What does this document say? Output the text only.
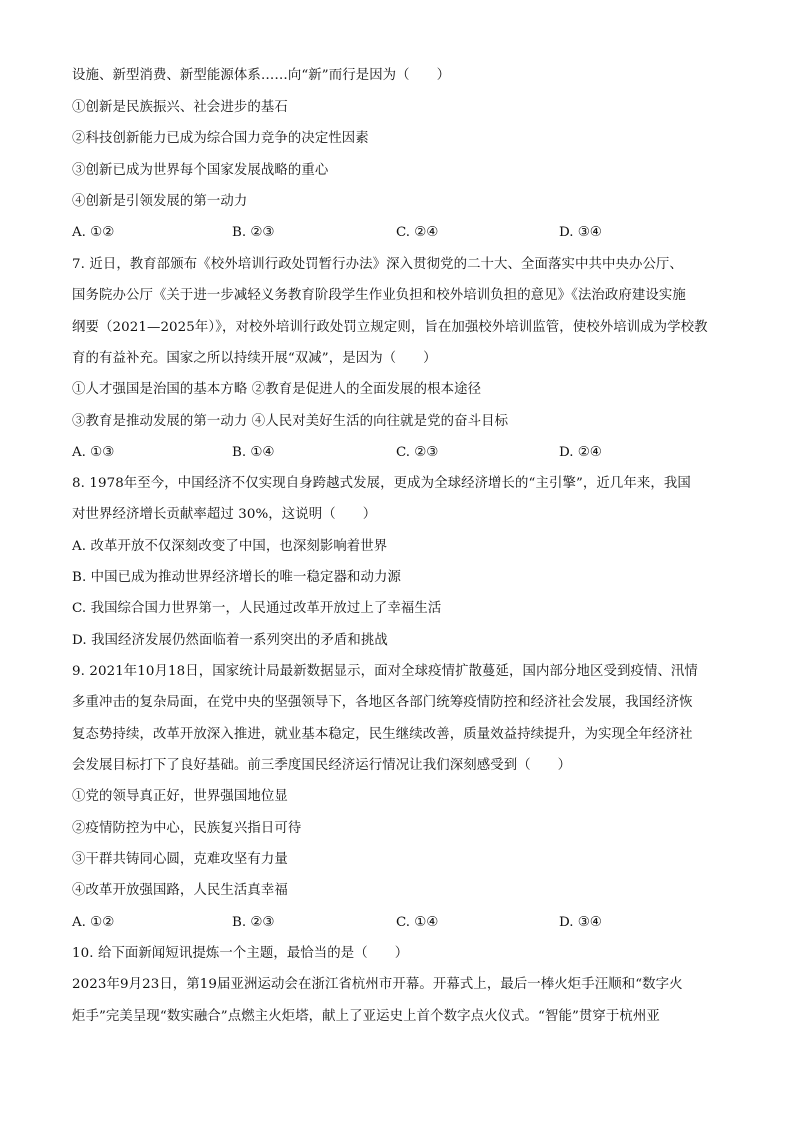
设施、新型消费、新型能源体系……向“新”而行是因为（　　）
①创新是民族振兴、社会进步的基石
②科技创新能力已成为综合国力竞争的决定性因素
③创新已成为世界每个国家发展战略的重心
④创新是引领发展的第一动力
A. ①②	B. ②③	C. ②④	D. ③④
7. 近日，教育部颁布《校外培训行政处罚暂行办法》深入贯彻党的二十大、全面落实中共中央办公厅、
国务院办公厅《关于进一步减轻义务教育阶段学生作业负担和校外培训负担的意见》《法治政府建设实施
纲要（2021—2025年）》，对校外培训行政处罚立规定则，旨在加强校外培训监管，使校外培训成为学校教
育的有益补充。国家之所以持续开展“双减”，是因为（　　）
①人才强国是治国的基本方略 ②教育是促进人的全面发展的根本途径
③教育是推动发展的第一动力 ④人民对美好生活的向往就是党的奋斗目标
A. ①③	B. ①④	C. ②③	D. ②④
8. 1978年至今，中国经济不仅实现自身跨越式发展，更成为全球经济增长的“主引擎”，近几年来，我国
对世界经济增长贡献率超过 30%，这说明（　　）
A. 改革开放不仅深刻改变了中国，也深刻影响着世界
B. 中国已成为推动世界经济增长的唯一稳定器和动力源
C. 我国综合国力世界第一，人民通过改革开放过上了幸福生活
D. 我国经济发展仍然面临着一系列突出的矛盾和挑战
9. 2021年10月18日，国家统计局最新数据显示，面对全球疫情扩散蔓延，国内部分地区受到疫情、汛情
多重冲击的复杂局面，在党中央的坚强领导下，各地区各部门统筹疫情防控和经济社会发展，我国经济恢
复态势持续，改革开放深入推进，就业基本稳定，民生继续改善，质量效益持续提升，为实现全年经济社
会发展目标打下了良好基础。前三季度国民经济运行情况让我们深刻感受到（　　）
①党的领导真正好，世界强国地位显
②疫情防控为中心，民族复兴指日可待
③干群共铸同心圆，克难攻坚有力量
④改革开放强国路，人民生活真幸福
A. ①②	B. ②③	C. ①④	D. ③④
10. 给下面新闻短讯提炼一个主题，最恰当的是（　　）
2023年9月23日，第19届亚洲运动会在浙江省杭州市开幕。开幕式上，最后一棒火炬手汪顺和“数字火
炬手”完美呈现“数实融合”点燃主火炬塔，献上了亚运史上首个数字点火仪式。“智能”贯穿于杭州亚
